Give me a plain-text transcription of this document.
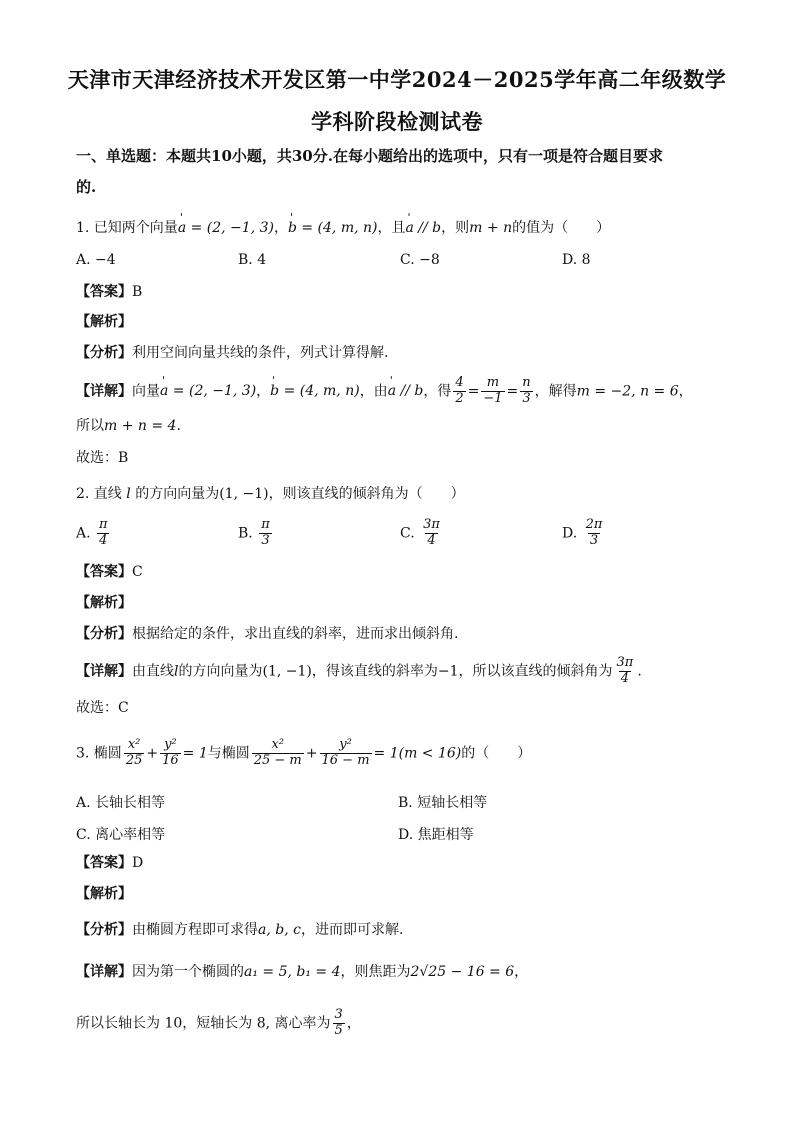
天津市天津经济技术开发区第一中学2024－2025学年高二年级数学
学科阶段检测试卷
一、单选题：本题共10小题，共30分.在每小题给出的选项中，只有一项是符合题目要求
的.
1. 已知两个向量' a = (2, −1, 3)，' b = (4, m, n)，且' a // b，则m + n的值为（　　）
A. −4	B. 4	C. −8	D. 8
【答案】B
【解析】
【分析】利用空间向量共线的条件，列式计算得解.
【详解】向量' a = (2, −1, 3)，' b = (4, m, n)，由' a // b，得 $\frac{4}{2} = \frac{m}{-1} = \frac{n}{3}$ ，解得m = −2, n = 6，
所以m + n = 4.
故选：B
2. 直线 l 的方向向量为(1, −1)，则该直线的倾斜角为（　　）
A. $\frac{\pi}{4}$	B. $\frac{\pi}{3}$	C. $\frac{3\pi}{4}$	D. $\frac{2\pi}{3}$
【答案】C
【解析】
【分析】根据给定的条件，求出直线的斜率，进而求出倾斜角.
【详解】由直线l的方向向量为(1, −1)，得该直线的斜率为−1，所以该直线的倾斜角为 $\frac{3\pi}{4}$ .
故选：C
3. 椭圆 $\frac{\text{x²}}{25} + \frac{\text{y²}}{16} = 1$与椭圆 $\frac{\text{x²}}{25 - m} + \frac{\text{y²}}{16 - m} = 1(m < 16)$的（　　）
A. 长轴长相等	B. 短轴长相等
C. 离心率相等	D. 焦距相等
【答案】D
【解析】
【分析】由椭圆方程即可求得a, b, c，进而即可求解.
【详解】因为第一个椭圆的a₁ = 5, b₁ = 4，则焦距为2√25 − 16 = 6，
所以长轴长为 10，短轴长为 8, 离心率为 $\frac{3}{5}$ ，
